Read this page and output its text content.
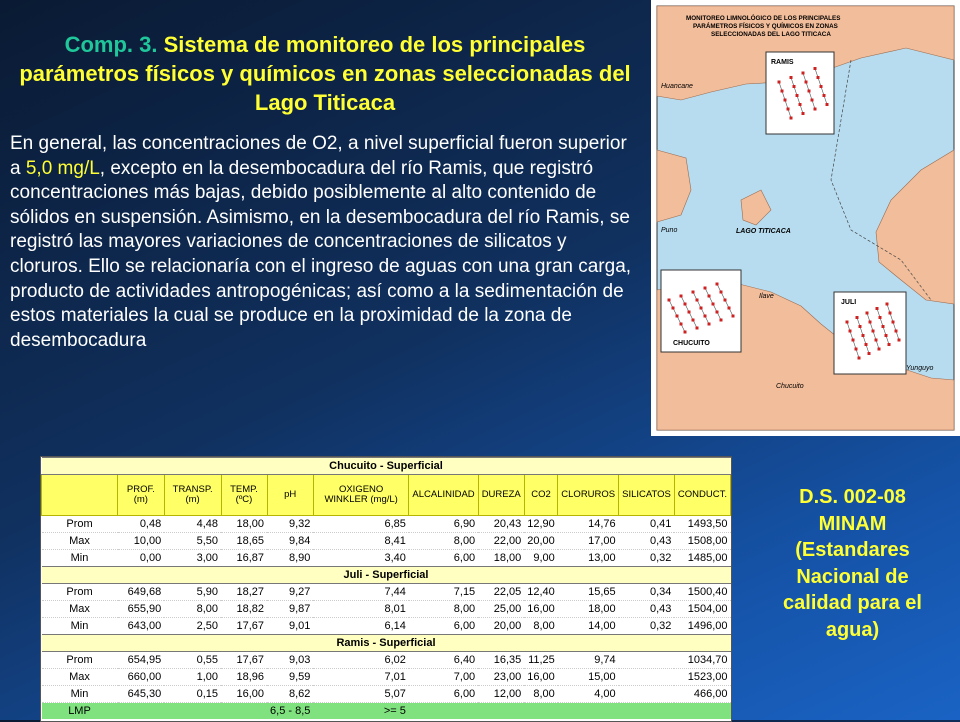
Comp. 3. Sistema de monitoreo de los principales parámetros físicos y químicos en zonas seleccionadas del Lago Titicaca
En general, las concentraciones de O2, a nivel superficial fueron superior a 5,0 mg/L, excepto en la desembocadura del río Ramis, que registró concentraciones más bajas, debido posiblemente al alto contenido de sólidos en suspensión. Asimismo, en la desembocadura del río Ramis, se registró las mayores variaciones de concentraciones de silicatos y cloruros. Ello se relacionaría con el ingreso de aguas con una gran carga, producto de actividades antropogénicas; así como a la sedimentación de estos materiales la cual se produce en la proximidad de la zona de desembocadura
MONITOREO LIMNOLÓGICO DE LOS PRINCIPALES
PARÁMETROS FÍSICOS Y QUÍMICOS EN ZONAS
SELECCIONADAS DEL LAGO TITICACA
RAMIS
CHUCUITO
JULI
Huancane
Puno	LAGO TITICACA
Ilave
Yunguyo
Chucuito
D.S. 002-08
MINAM
(Estandares
Nacional de
calidad para el
agua)
Chucuito - Superficial											
	PROF. (m)	TRANSP. (m)	TEMP. (ºC)	pH	OXIGENO WINKLER (mg/L)	ALCALINIDAD	DUREZA	CO2	CLORUROS	SILICATOS	CONDUCT.
Prom	0,48	4,48	18,00	9,32	6,85	6,90	20,43	12,90	14,76	0,41	1493,50
Max	10,00	5,50	18,65	9,84	8,41	8,00	22,00	20,00	17,00	0,43	1508,00
Min	0,00	3,00	16,87	8,90	3,40	6,00	18,00	9,00	13,00	0,32	1485,00
Juli - Superficial											
Prom	649,68	5,90	18,27	9,27	7,44	7,15	22,05	12,40	15,65	0,34	1500,40
Max	655,90	8,00	18,82	9,87	8,01	8,00	25,00	16,00	18,00	0,43	1504,00
Min	643,00	2,50	17,67	9,01	6,14	6,00	20,00	8,00	14,00	0,32	1496,00
Ramis - Superficial											
Prom	654,95	0,55	17,67	9,03	6,02	6,40	16,35	11,25	9,74		1034,70
Max	660,00	1,00	18,96	9,59	7,01	7,00	23,00	16,00	15,00		1523,00
Min	645,30	0,15	16,00	8,62	5,07	6,00	12,00	8,00	4,00		466,00
LMP				6,5 - 8,5	>= 5						
